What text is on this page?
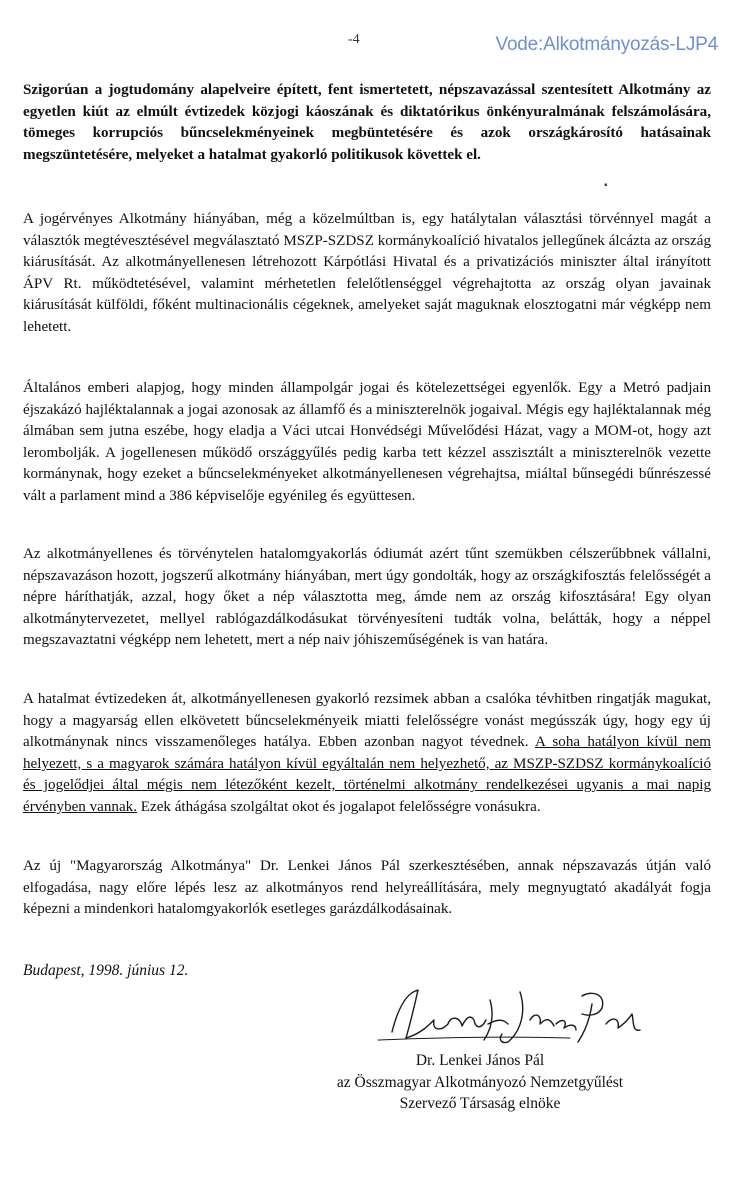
-4	Vode:Alkotmányozás-LJP4

Szigorúan a jogtudomány alapelveire épített, fent ismertetett, népszavazással szentesített Alkotmány az egyetlen kiút az elmúlt évtizedek közjogi káoszának és diktatórikus önkényuralmának felszámolására, tömeges korrupciós bűncselekményeinek megbüntetésére és azok országkárosító hatásainak megszüntetésére, melyeket a hatalmat gyakorló politikusok követtek el.

A jogérvényes Alkotmány hiányában, még a közelmúltban is, egy hatálytalan választási törvénnyel magát a választók megtévesztésével megválasztató MSZP-SZDSZ kormánykoalíció hivatalos jellegűnek álcázta az ország kiárusítását. Az alkotmányellenesen létrehozott Kárpótlási Hivatal és a privatizációs miniszter által irányított ÁPV Rt. működtetésével, valamint mérhetetlen felelőtlenséggel végrehajtotta az ország olyan javainak kiárusítását külföldi, főként multinacionális cégeknek, amelyeket saját maguknak elosztogatni már végképp nem lehetett.

Általános emberi alapjog, hogy minden állampolgár jogai és kötelezettségei egyenlők. Egy a Metró padjain éjszakázó hajléktalannak a jogai azonosak az államfő és a miniszterelnök jogaival. Mégis egy hajléktalannak még álmában sem jutna eszébe, hogy eladja a Váci utcai Honvédségi Művelődési Házat, vagy a MOM-ot, hogy azt lerombolják. A jogellenesen működő országgyűlés pedig karba tett kézzel asszisztált a miniszterelnök vezette kormánynak, hogy ezeket a bűncselekményeket alkotmányellenesen végrehajtsa, miáltal bűnsegédi bűnrészessé vált a parlament mind a 386 képviselője egyénileg és együttesen.

Az alkotmányellenes és törvénytelen hatalomgyakorlás ódiumát azért tűnt szemükben célszerűbbnek vállalni, népszavazáson hozott, jogszerű alkotmány hiányában, mert úgy gondolták, hogy az országkifosztás felelősségét a népre háríthatják, azzal, hogy őket a nép választotta meg, ámde nem az ország kifosztására! Egy olyan alkotmánytervezetet, mellyel rablógazdálkodásukat törvényesíteni tudták volna, belátták, hogy a néppel megszavaztatni végképp nem lehetett, mert a nép naiv jóhiszeműségének is van határa.

A hatalmat évtizedeken át, alkotmányellenesen gyakorló rezsimek abban a csalóka tévhitben ringatják magukat, hogy a magyarság ellen elkövetett bűncselekményeik miatti felelősségre vonást megússzák úgy, hogy egy új alkotmánynak nincs visszamenőleges hatálya. Ebben azonban nagyot tévednek. A soha hatályon kívül nem helyezett, s a magyarok számára hatályon kívül egyáltalán nem helyezhető, az MSZP-SZDSZ kormánykoalíció és jogelődjei által mégis nem létezőként kezelt, történelmi alkotmány rendelkezései ugyanis a mai napig érvényben vannak. Ezek áthágása szolgáltat okot és jogalapot felelősségre vonásukra.

Az új "Magyarország Alkotmánya" Dr. Lenkei János Pál szerkesztésében, annak népszavazás útján való elfogadása, nagy előre lépés lesz az alkotmányos rend helyreállítására, mely megnyugtató akadályát fogja képezni a mindenkori hatalomgyakorlók esetleges garázdálkodásainak.

Budapest, 1998. június 12.
Dr. Lenkei János Pál
az Összmagyar Alkotmányozó Nemzetgyűlést
Szervező Társaság elnöke
▪
